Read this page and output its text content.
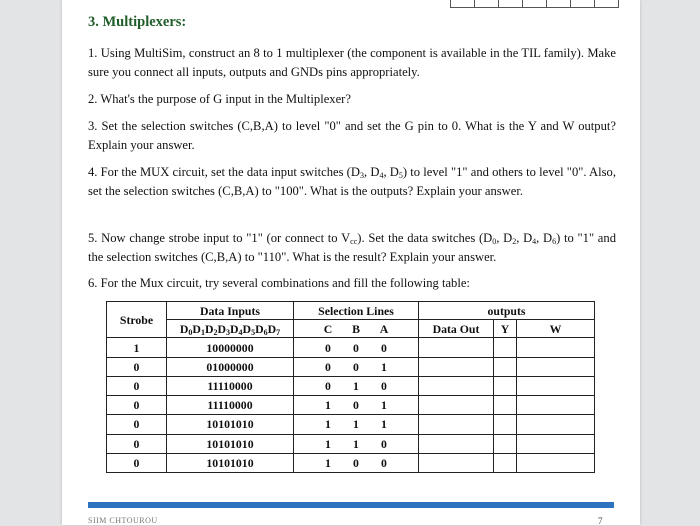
3. Multiplexers:

1. Using MultiSim, construct an 8 to 1 multiplexer (the component is available in the TIL family). Make sure you connect all inputs, outputs and GNDs pins appropriately.

2. What's the purpose of G input in the Multiplexer?

3. Set the selection switches (C,B,A) to level "0" and set the G pin to 0. What is the Y and W output? Explain your answer.

4. For the MUX circuit, set the data input switches ($D_3$, $D_4$, $D_5$) to level "1" and others to level "0". Also, set the selection switches (C,B,A) to "100". What is the outputs? Explain your answer.

5. Now change strobe input to "1" (or connect to $V_{cc}$). Set the data switches ($D_0$, $D_2$, $D_4$, $D_6$) to "1" and the selection switches (C,B,A) to "110". What is the result? Explain your answer.

6. For the Mux circuit, try several combinations and fill the following table:

Strobe	Data Inputs	Selection Lines	outputs		
	$D_0D_1D_2D_3D_4D_5D_6D_7$	C B A	Data Out	Y	W
1	10000000	0 0 0			

0	01000000	0 0 1			

0	11110000	0 1 0			

0	11110000	1 0 1			

0	10101010	1 1 1			

0	10101010	1 1 0			

0	10101010	1 0 0			

SIIM CHTOUROU	7
